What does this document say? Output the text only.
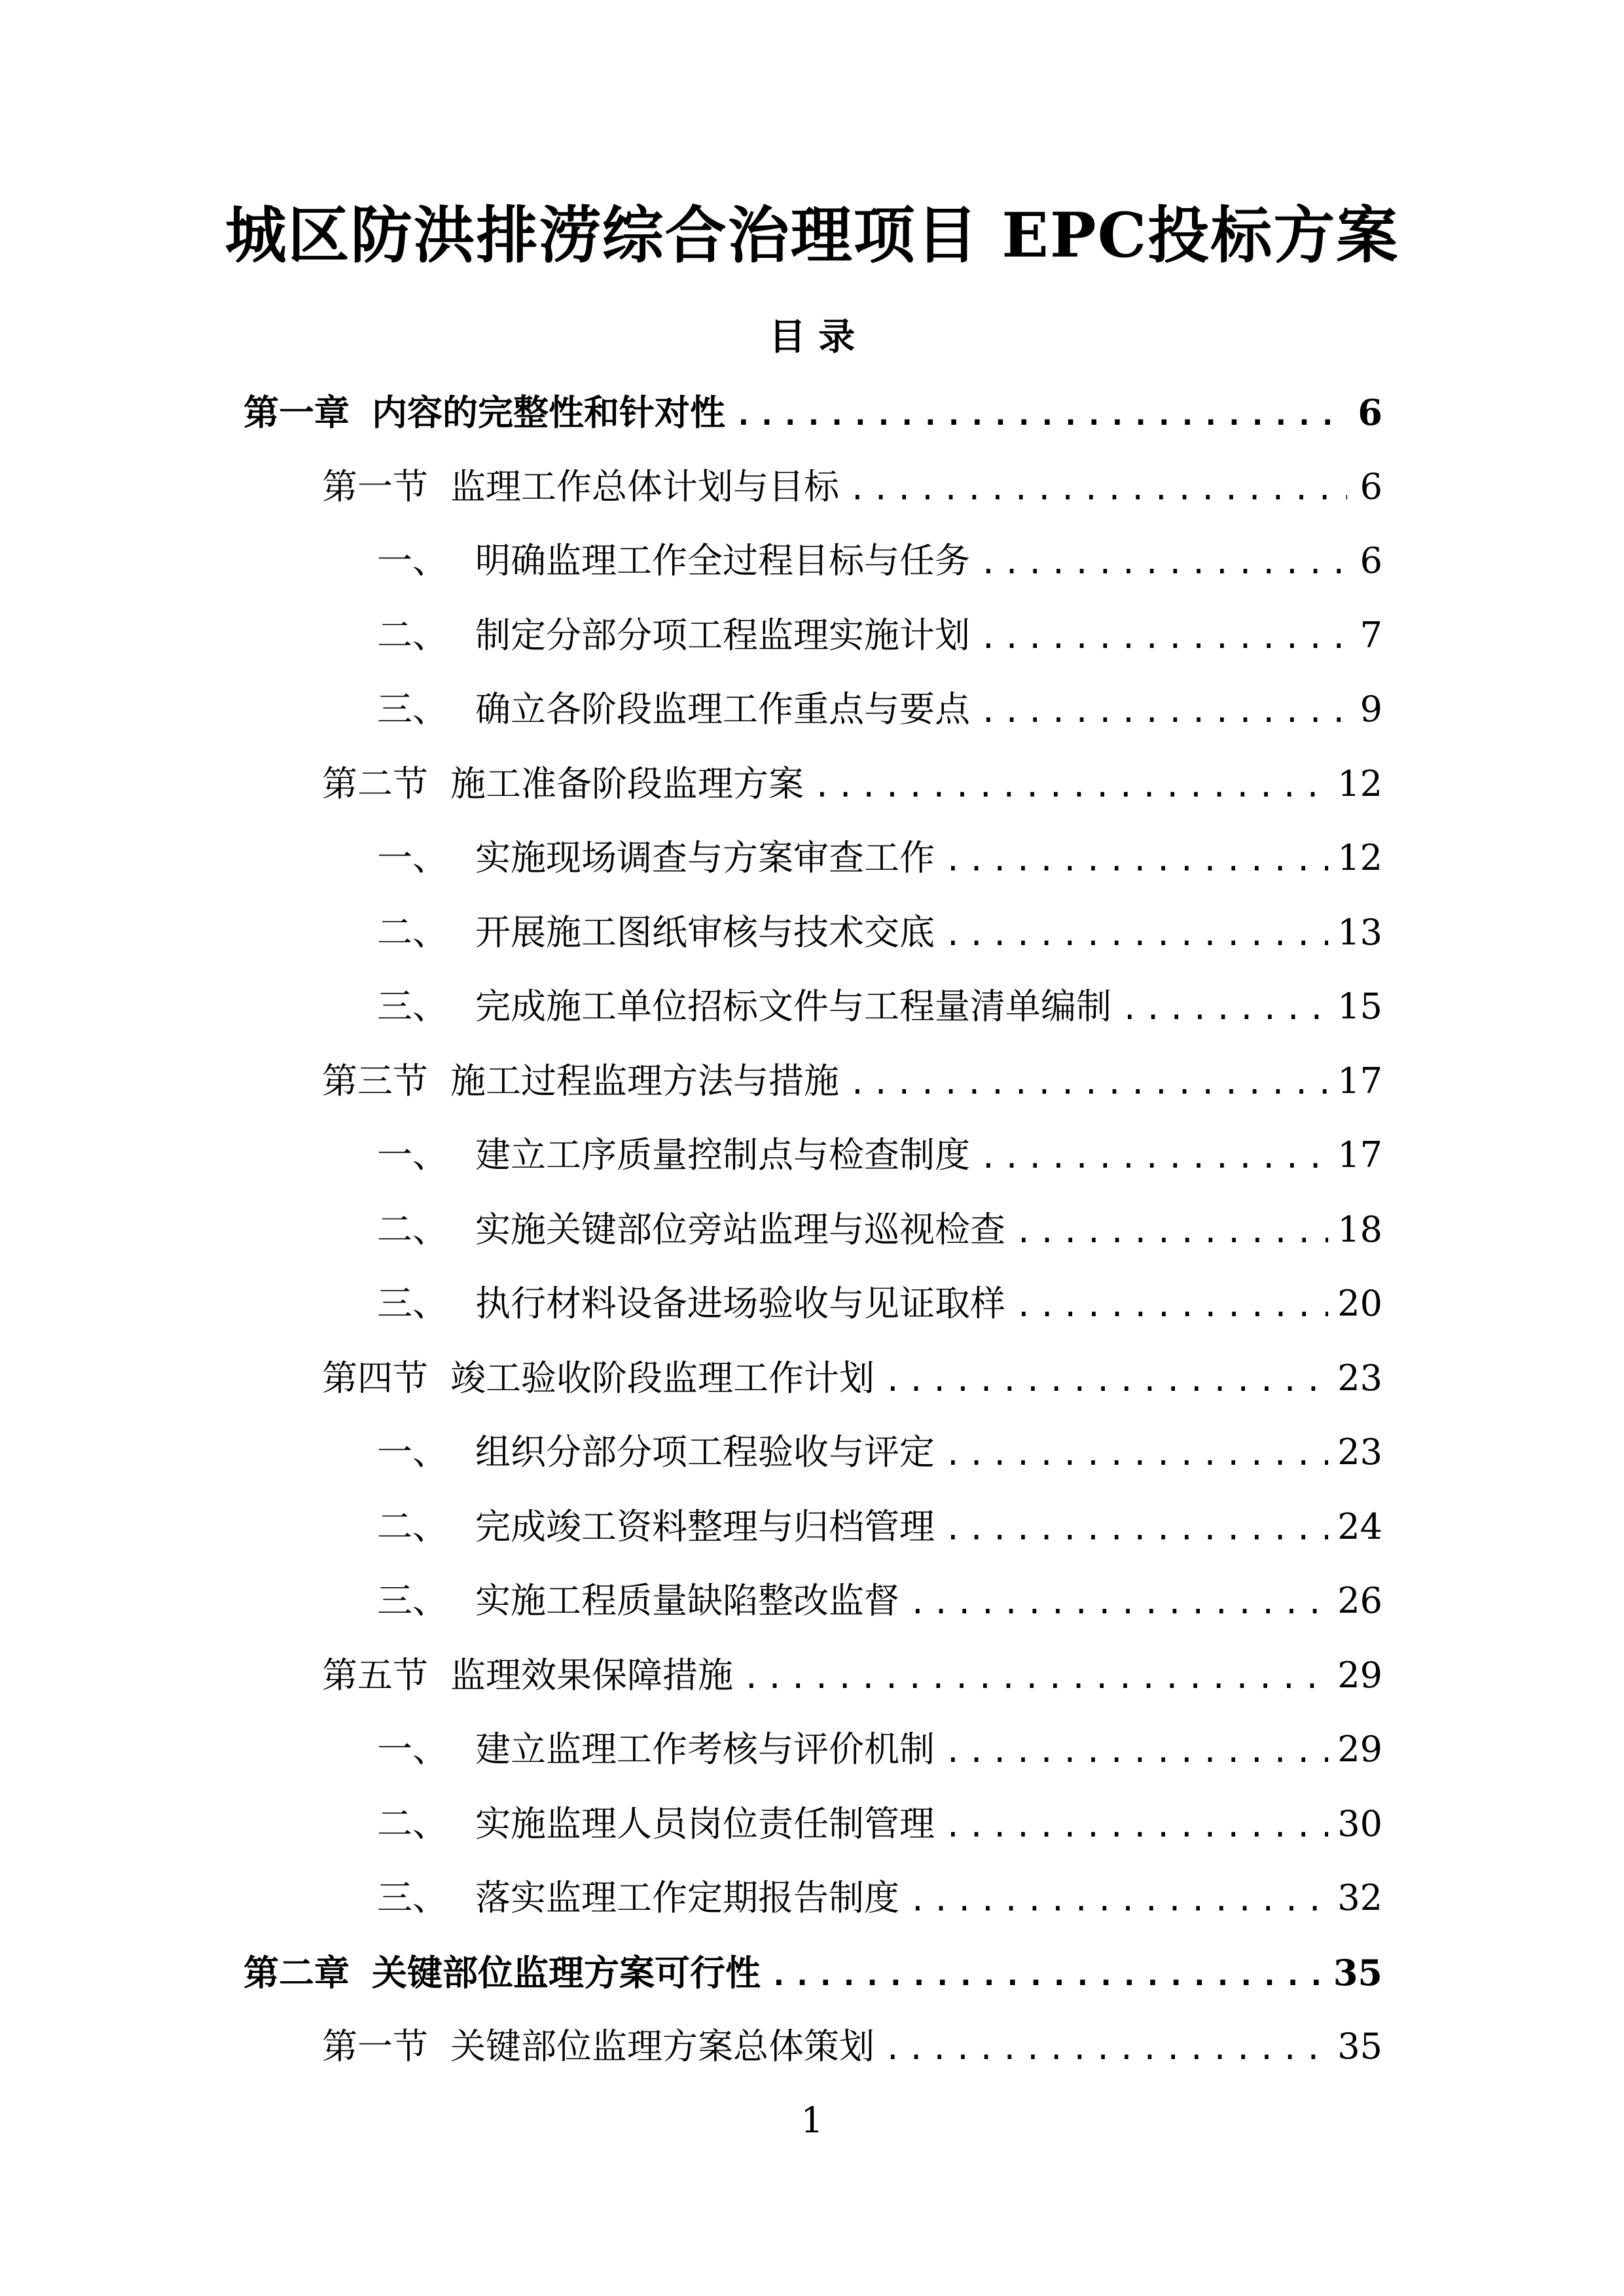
城区防洪排涝综合治理项目 EPC投标方案
目 录
第一章 内容的完整性和针对性 .....	6
第一节 监理工作总体计划与目标 .....	6
一、 明确监理工作全过程目标与任务 .....	6
二、 制定分部分项工程监理实施计划 .....	7
三、 确立各阶段监理工作重点与要点 .....	9
第二节 施工准备阶段监理方案 .....	12
一、 实施现场调查与方案审查工作 .....	12
二、 开展施工图纸审核与技术交底 .....	13
三、 完成施工单位招标文件与工程量清单编制 .....	15
第三节 施工过程监理方法与措施 .....	17
一、 建立工序质量控制点与检查制度 .....	17
二、 实施关键部位旁站监理与巡视检查 .....	18
三、 执行材料设备进场验收与见证取样 .....	20
第四节 竣工验收阶段监理工作计划 .....	23
一、 组织分部分项工程验收与评定 .....	23
二、 完成竣工资料整理与归档管理 .....	24
三、 实施工程质量缺陷整改监督 .....	26
第五节 监理效果保障措施 .....	29
一、 建立监理工作考核与评价机制 .....	29
二、 实施监理人员岗位责任制管理 .....	30
三、 落实监理工作定期报告制度 .....	32
第二章 关键部位监理方案可行性 .....	35
第一节 关键部位监理方案总体策划 .....	35
1
